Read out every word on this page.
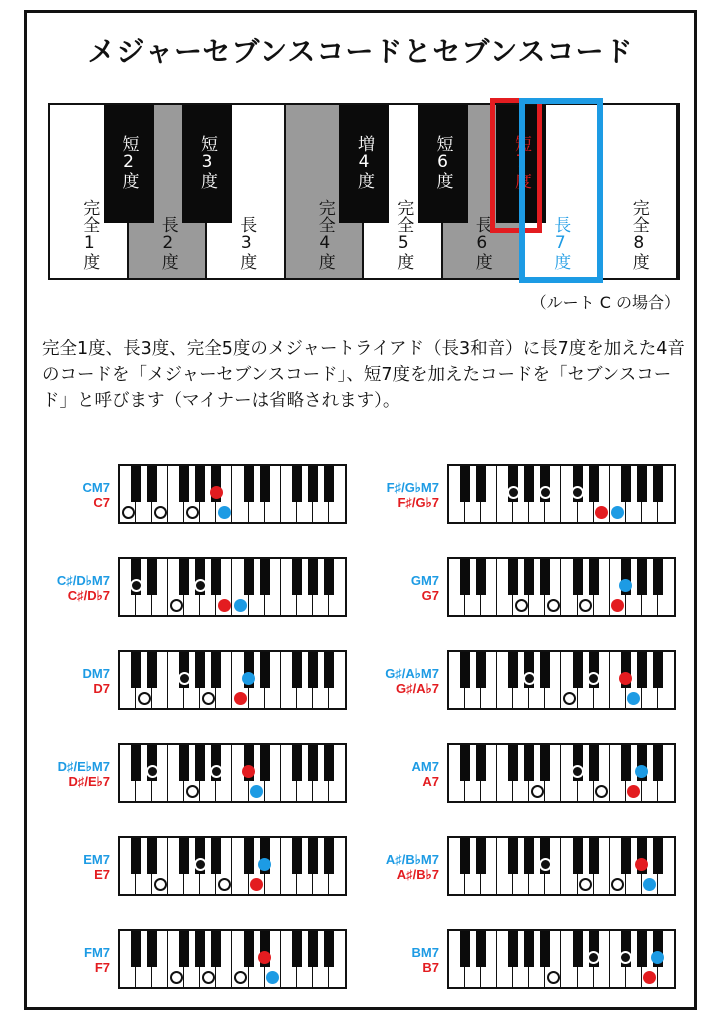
メジャーセブンスコードとセブンスコード
完全1度	長2度	長3度	完全4度	完全5度	長6度	長7度	完全8度
短2度	短3度	増4度	短6度	短7度
（ルート C の場合）

完全1度、長3度、完全5度のメジャートライアド（長3和音）に長7度を加えた4音のコードを「メジャーセブンスコード」、短7度を加えたコードを「セブンスコード」と呼びます（マイナーは省略されます）。

CM7
C7
C♯/D♭M7
C♯/D♭7
DM7
D7
D♯/E♭M7
D♯/E♭7
EM7
E7
FM7
F7
F♯/G♭M7
F♯/G♭7
GM7
G7
G♯/A♭M7
G♯/A♭7
AM7
A7
A♯/B♭M7
A♯/B♭7
BM7
B7
